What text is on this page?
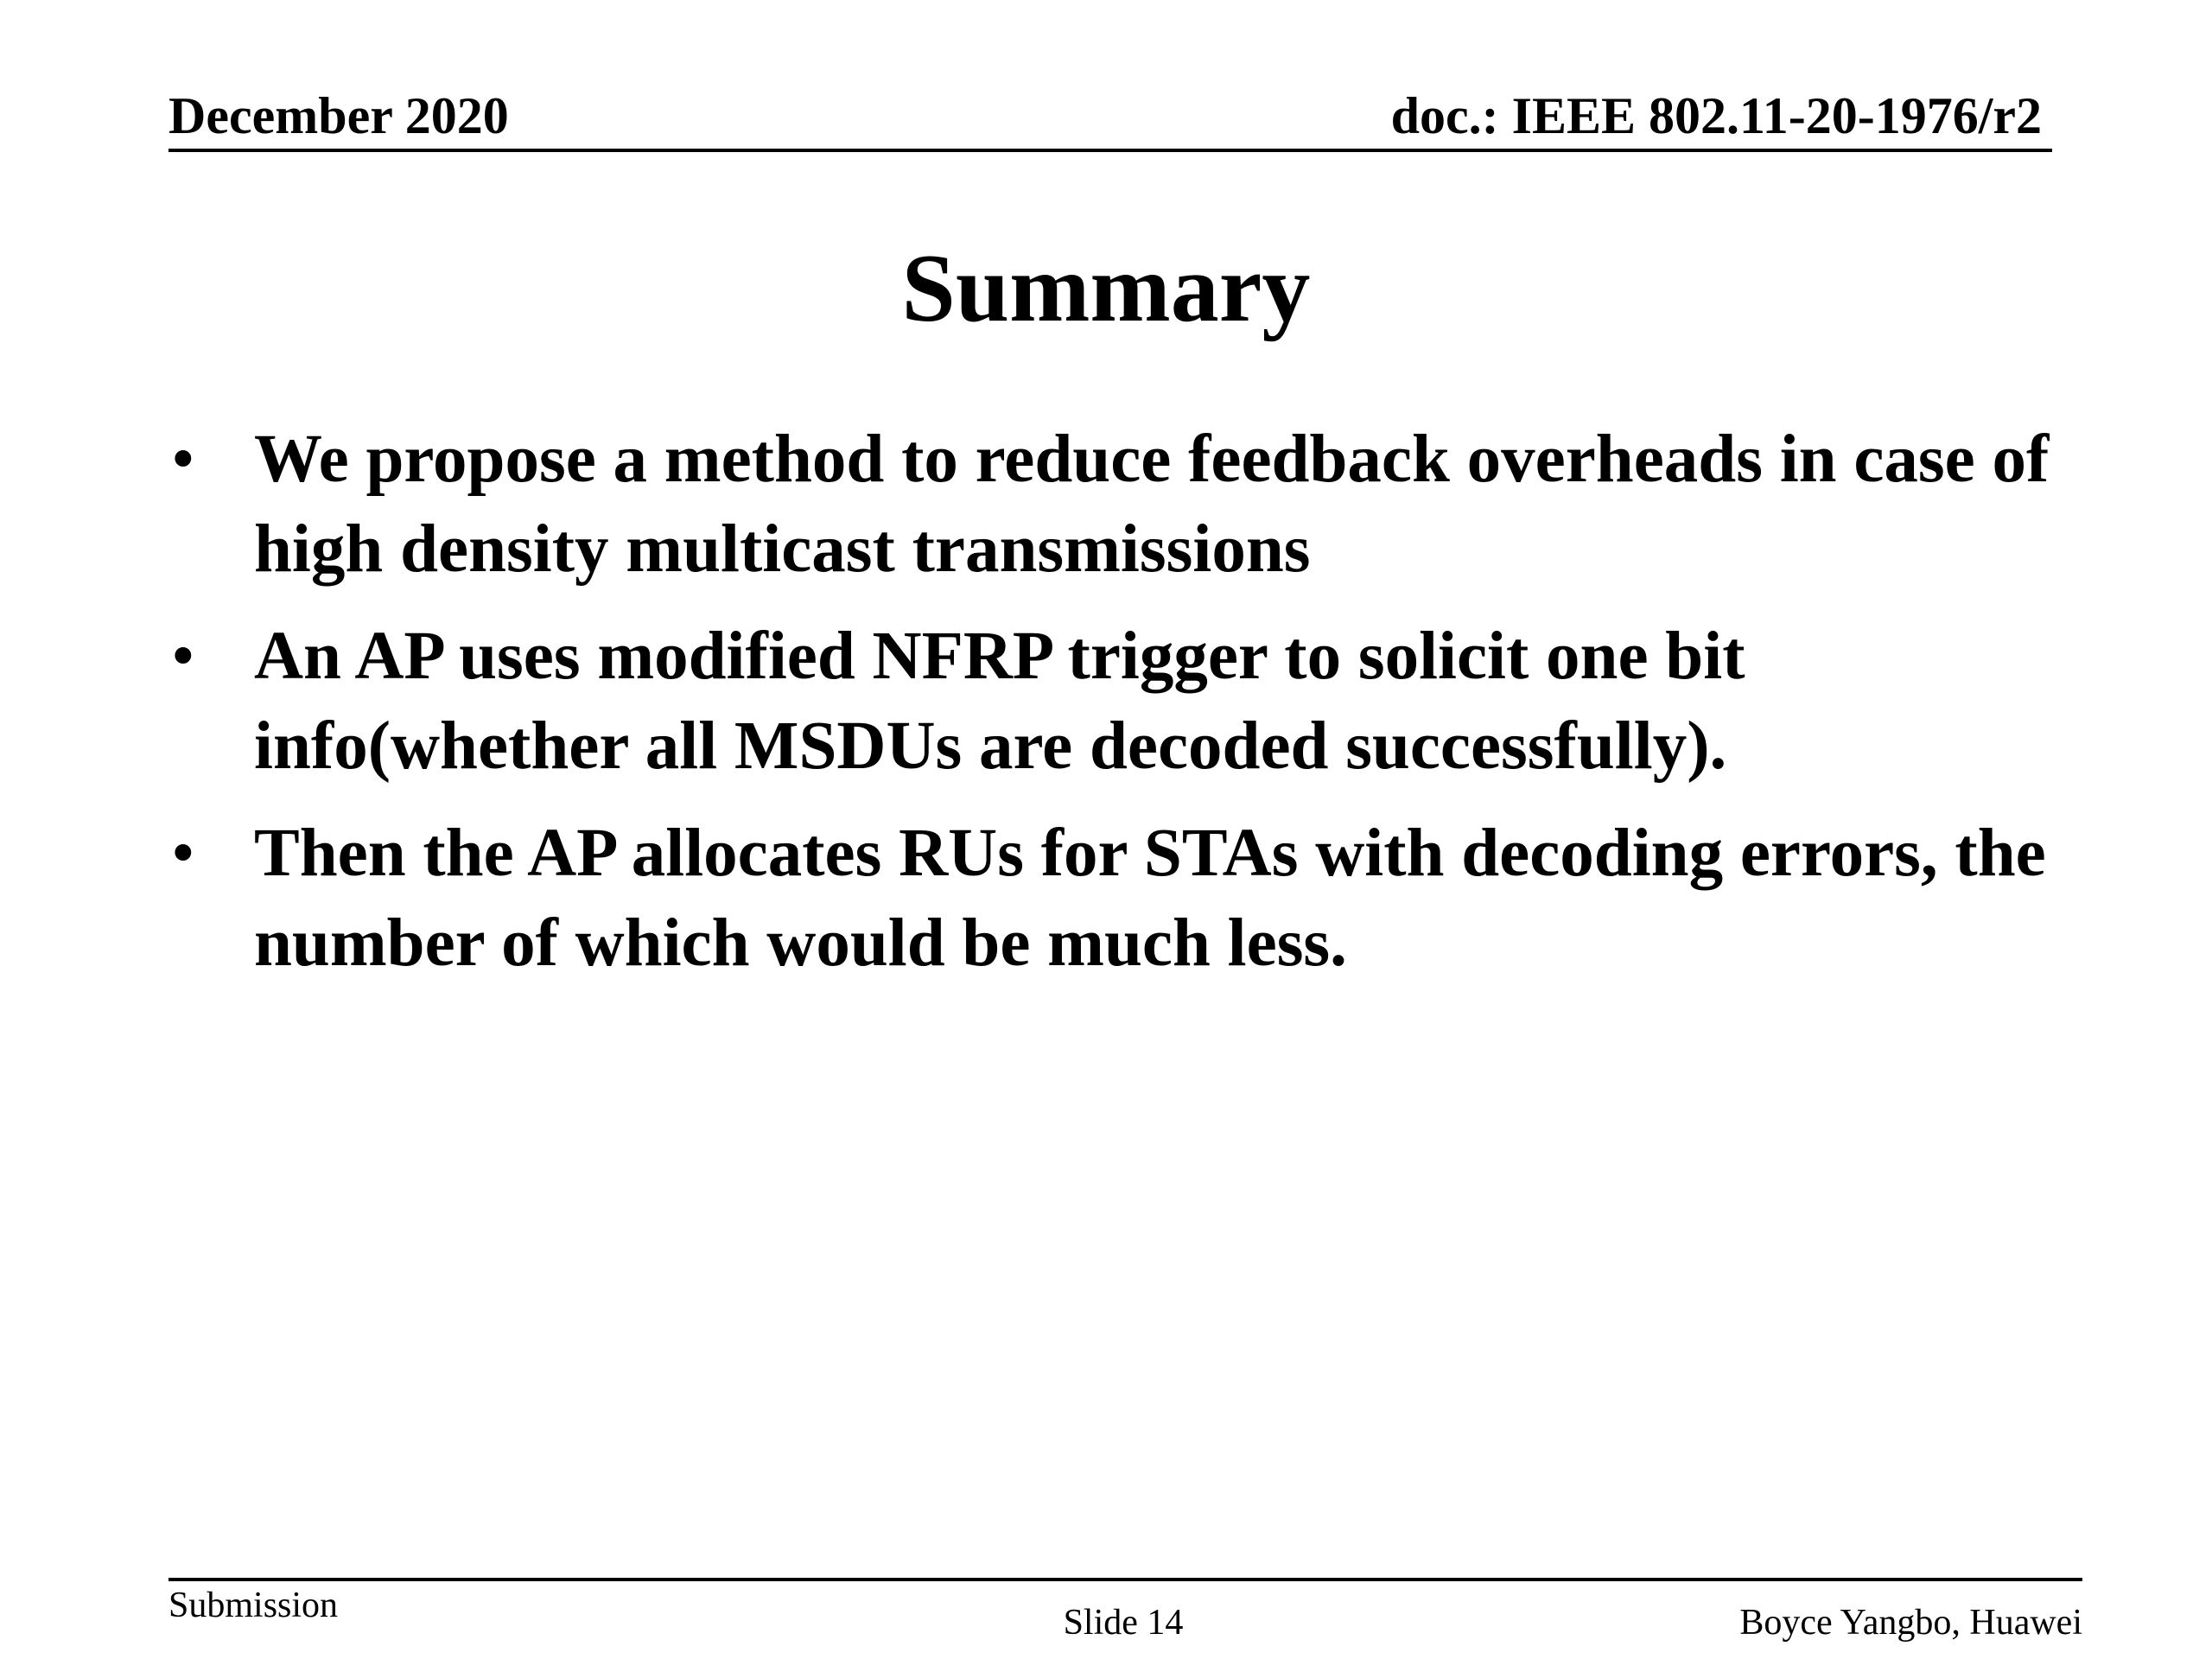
December 2020	doc.: IEEE 802.11-20-1976/r2
Summary
• We propose a method to reduce feedback overheads in case of high density multicast transmissions
• An AP uses modified NFRP trigger to solicit one bit info(whether all MSDUs are decoded successfully).
• Then the AP allocates RUs for STAs with decoding errors, the number of which would be much less.
Submission	Slide 14	Boyce Yangbo, Huawei
